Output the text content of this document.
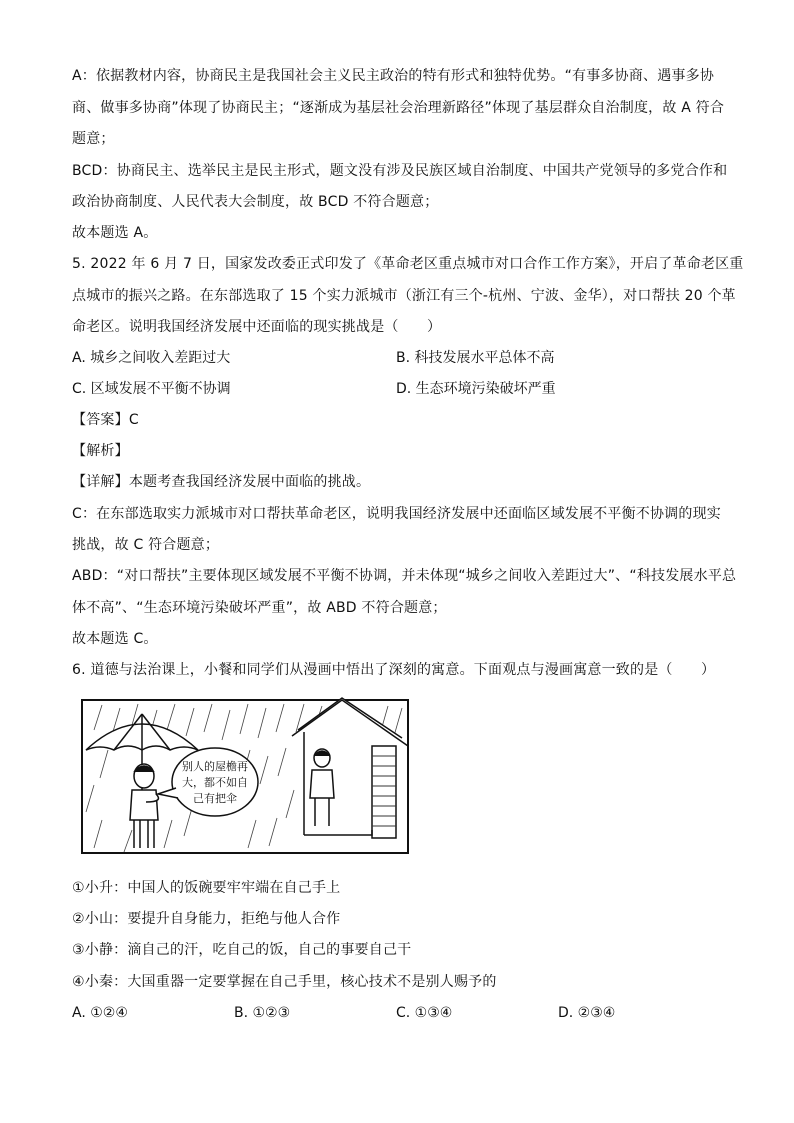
A：依据教材内容，协商民主是我国社会主义民主政治的特有形式和独特优势。“有事多协商、遇事多协
商、做事多协商”体现了协商民主；“逐渐成为基层社会治理新路径”体现了基层群众自治制度，故 A 符合
题意；
BCD：协商民主、选举民主是民主形式，题文没有涉及民族区域自治制度、中国共产党领导的多党合作和
政治协商制度、人民代表大会制度，故 BCD 不符合题意；
故本题选 A。
5. 2022 年 6 月 7 日，国家发改委正式印发了《革命老区重点城市对口合作工作方案》，开启了革命老区重
点城市的振兴之路。在东部选取了 15 个实力派城市（浙江有三个-杭州、宁波、金华），对口帮扶 20 个革
命老区。说明我国经济发展中还面临的现实挑战是（　　）
A. 城乡之间收入差距过大	B. 科技发展水平总体不高
C. 区域发展不平衡不协调	D. 生态环境污染破坏严重
【答案】C
【解析】
【详解】本题考查我国经济发展中面临的挑战。
C：在东部选取实力派城市对口帮扶革命老区，说明我国经济发展中还面临区域发展不平衡不协调的现实
挑战，故 C 符合题意；
ABD：“对口帮扶”主要体现区域发展不平衡不协调，并未体现“城乡之间收入差距过大”、“科技发展水平总
体不高”、“生态环境污染破坏严重”，故 ABD 不符合题意；
故本题选 C。
6. 道德与法治课上，小餐和同学们从漫画中悟出了深刻的寓意。下面观点与漫画寓意一致的是（　　）
别人的屋檐再
大，都不如自
己有把伞
①小升：中国人的饭碗要牢牢端在自己手上
②小山：要提升自身能力，拒绝与他人合作
③小静：滴自己的汗，吃自己的饭，自己的事要自己干
④小秦：大国重器一定要掌握在自己手里，核心技术不是别人赐予的
A. ①②④	B. ①②③	C. ①③④	D. ②③④
